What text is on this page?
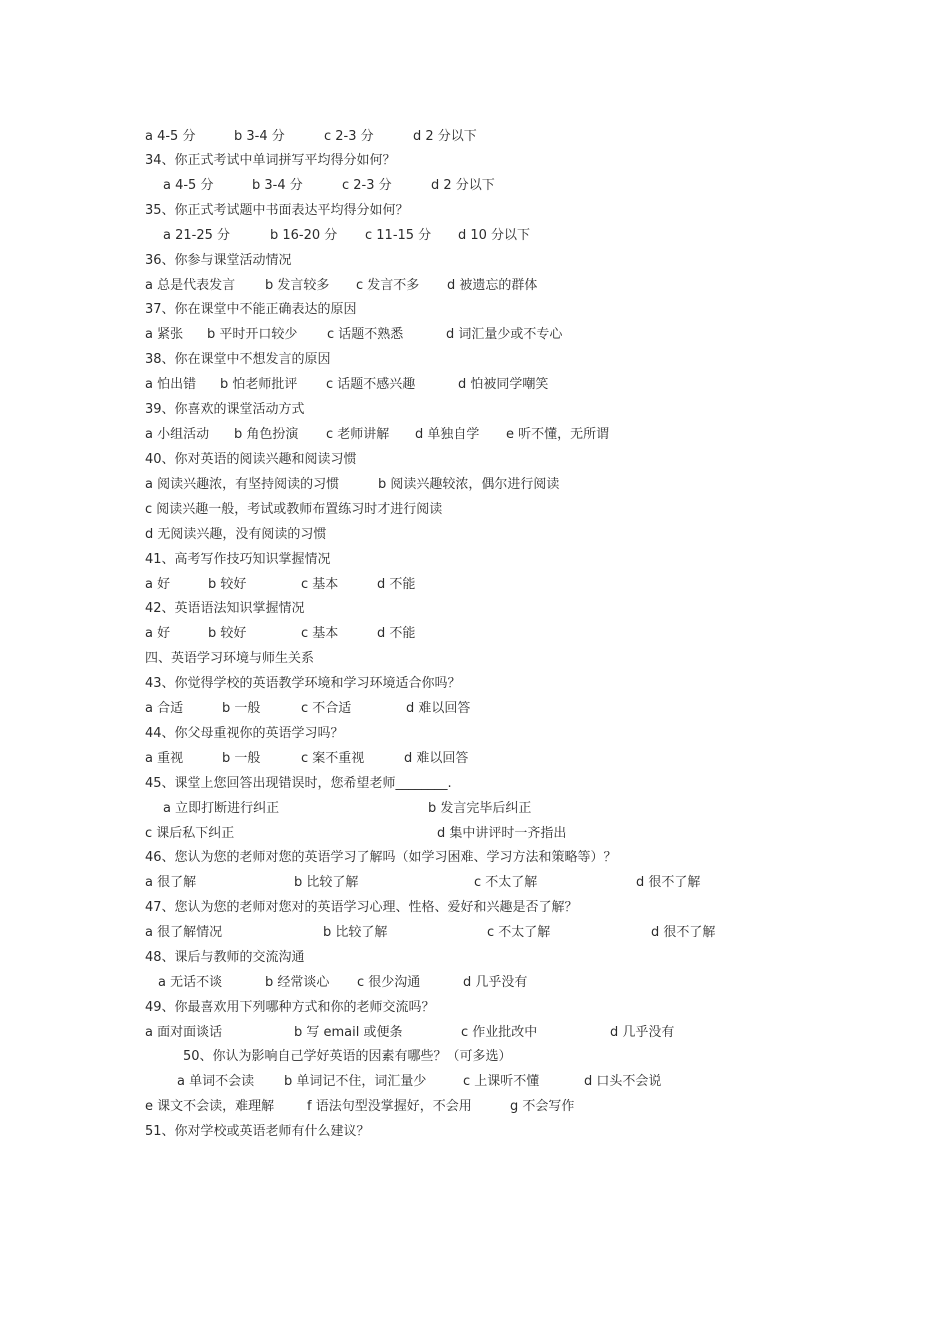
a 4-5 分	b 3-4 分	c 2-3 分	d 2 分以下
34、你正式考试中单词拼写平均得分如何？
a 4-5 分	b 3-4 分	c 2-3 分	d 2 分以下
35、你正式考试题中书面表达平均得分如何？
a 21-25 分	b 16-20 分 c 11-15 分 d 10 分以下
36、你参与课堂活动情况
a 总是代表发言 b 发言较多 c 发言不多 d 被遗忘的群体
37、你在课堂中不能正确表达的原因
a 紧张 b 平时开口较少 c 话题不熟悉	d 词汇量少或不专心
38、你在课堂中不想发言的原因
a 怕出错 b 怕老师批评 c 话题不感兴趣	d 怕被同学嘲笑
39、你喜欢的课堂活动方式
a 小组活动 b 角色扮演 c 老师讲解 d 单独自学 e 听不懂，无所谓
40、你对英语的阅读兴趣和阅读习惯
a 阅读兴趣浓，有坚持阅读的习惯	b 阅读兴趣较浓，偶尔进行阅读
c 阅读兴趣一般，考试或教师布置练习时才进行阅读
d 无阅读兴趣，没有阅读的习惯
41、高考写作技巧知识掌握情况
a 好	b 较好	c 基本	d 不能
42、英语语法知识掌握情况
a 好	b 较好	c 基本	d 不能
四、英语学习环境与师生关系
43、你觉得学校的英语教学环境和学习环境适合你吗？
a 合适	b 一般	c 不合适	d 难以回答
44、你父母重视你的英语学习吗？
a 重视	b 一般	c 案不重视	d 难以回答
45、课堂上您回答出现错误时，您希望老师________.
a 立即打断进行纠正	b 发言完毕后纠正
c 课后私下纠正	d 集中讲评时一齐指出
46、您认为您的老师对您的英语学习了解吗（如学习困难、学习方法和策略等）？
a 很了解	b 比较了解	c 不太了解	d 很不了解
47、您认为您的老师对您对的英语学习心理、性格、爱好和兴趣是否了解？
a 很了解情况	b 比较了解	c 不太了解	d 很不了解
48、课后与教师的交流沟通
a 无话不谈	b 经常谈心 c 很少沟通	d 几乎没有
49、你最喜欢用下列哪种方式和你的老师交流吗？
a 面对面谈话	b 写 email 或便条	c 作业批改中	d 几乎没有
50、你认为影响自己学好英语的因素有哪些？（可多选）
a 单词不会读 b 单词记不住，词汇量少	c 上课听不懂	d 口头不会说
e 课文不会读，难理解	f 语法句型没掌握好，不会用	g 不会写作
51、你对学校或英语老师有什么建议？
